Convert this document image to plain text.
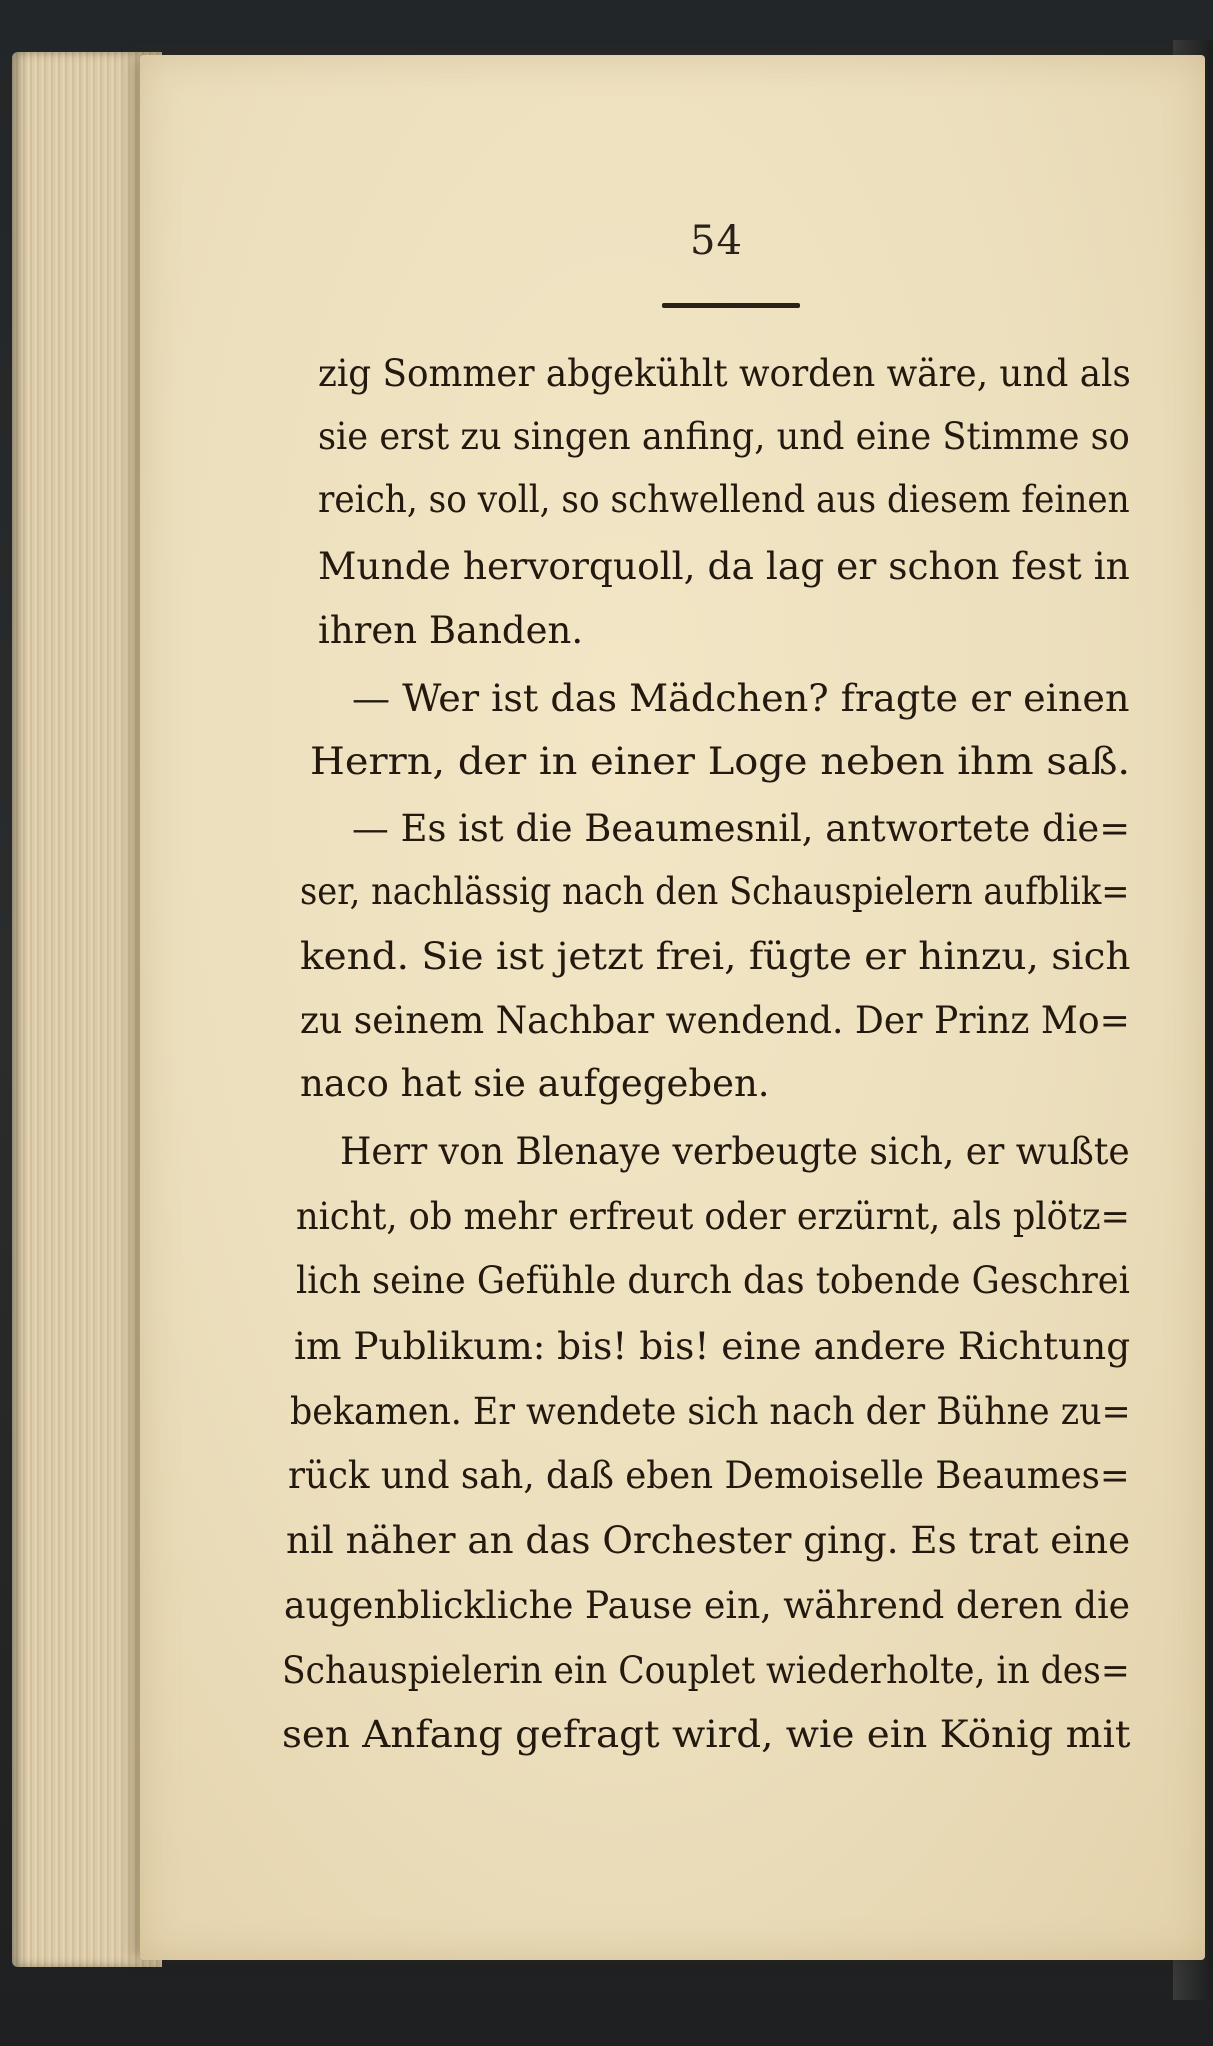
54
zig Sommer abgekühlt worden wäre, und als
sie erst zu singen anfing, und eine Stimme so
reich, so voll, so schwellend aus diesem feinen
Munde hervorquoll, da lag er schon fest in
ihren Banden.
— Wer ist das Mädchen? fragte er einen
Herrn, der in einer Loge neben ihm saß.
— Es ist die Beaumesnil, antwortete die=
ser, nachlässig nach den Schauspielern aufblik=
kend. Sie ist jetzt frei, fügte er hinzu, sich
zu seinem Nachbar wendend. Der Prinz Mo=
naco hat sie aufgegeben.
Herr von Blenaye verbeugte sich, er wußte
nicht, ob mehr erfreut oder erzürnt, als plötz=
lich seine Gefühle durch das tobende Geschrei
im Publikum: bis! bis! eine andere Richtung
bekamen. Er wendete sich nach der Bühne zu=
rück und sah, daß eben Demoiselle Beaumes=
nil näher an das Orchester ging. Es trat eine
augenblickliche Pause ein, während deren die
Schauspielerin ein Couplet wiederholte, in des=
sen Anfang gefragt wird, wie ein König mit
